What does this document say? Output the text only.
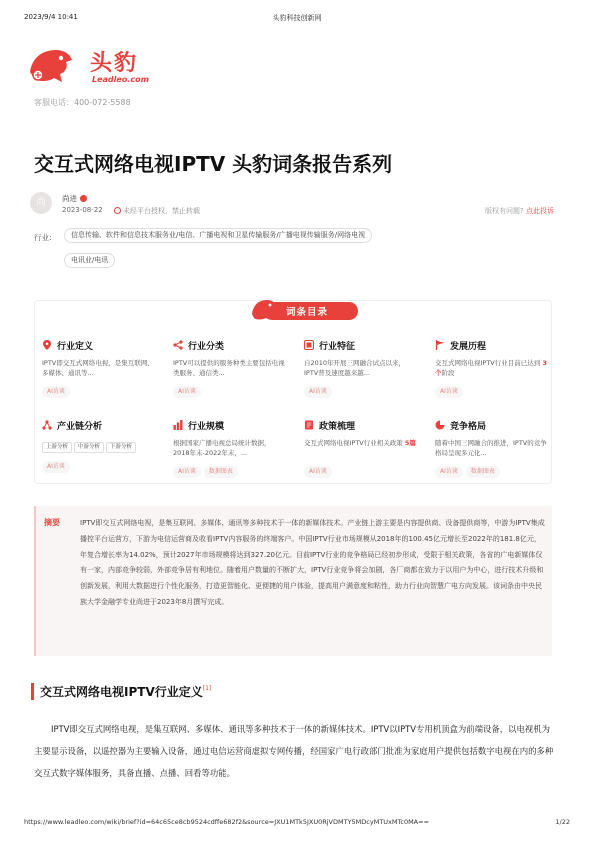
2023/9/4 10:41	头豹科技创新网
头豹
Leadleo.com
客服电话：400-072-5588
交互式网络电视IPTV 头豹词条报告系列
尚	尚进
2023-08-22	未经平台授权，禁止转载	版权有问题? 点此投诉
行业:	信息传输、软件和信息技术服务业/电信、广播电视和卫星传输服务/广播电视传输服务/网络电视
电讯业/电讯
词条目录
行业定义
IPTV即交互式网络电视，是集互联网、多媒体、通讯等...
AI访谈
行业分类
IPTV可以提供的服务种类主要包括电视类服务、通信类...
AI访谈
行业特征
自2010年开展三网融合试点以来，IPTV普及速度越来越...
AI访谈
发展历程
交互式网络电视IPTV行业目前已达到 3个阶段
AI访谈
产业链分析
上游分析 中游分析 下游分析
AI访谈
行业规模
根据国家广播电视总局统计数据，2018年末-2022年末，...
AI访谈 数据图表
政策梳理
交互式网络电视IPTV行业相关政策 5篇
AI访谈
竞争格局
随着中国三网融合的推进，IPTV的竞争格局呈现多元化...
AI访谈 数据图表
摘要	IPTV即交互式网络电视，是集互联网、多媒体、通讯等多种技术于一体的新媒体技术。产业链上游主要是内容提供商、设备提供商等，中游为IPTV集成播控平台运营方，下游为电信运营商及收看IPTV内容服务的终端客户。中国IPTV行业市场规模从2018年的100.45亿元增长至2022年的181.8亿元，年复合增长率为14.02%，预计2027年市场规模将达到327.20亿元。目前IPTV行业的竞争格局已经初步形成，受限于相关政策，各省的广电新媒体仅有一家，内部竞争较弱，外部竞争居有利地位。随着用户数量的不断扩大，IPTV行业竞争将会加剧，各厂商都在致力于以用户为中心，进行技术升级和创新发展，利用大数据进行个性化服务，打造更智能化、更便捷的用户体验，提高用户满意度和粘性，助力行业向智慧广电方向发展。该词条由中央民族大学金融学专业尚进于2023年8月撰写完成。

交互式网络电视IPTV行业定义[1]

IPTV即交互式网络电视，是集互联网、多媒体、通讯等多种技术于一体的新媒体技术。IPTV以IPTV专用机顶盒为前端设备，以电视机为主要显示设备，以遥控器为主要输入设备，通过电信运营商虚拟专网传播，经国家广电行政部门批准为家庭用户提供包括数字电视在内的多种交互式数字媒体服务，具备直播、点播、回看等功能。

https://www.leadleo.com/wiki/brief?id=64c65ce8cb9524cdffe682f2&source=JXU1MTk5JXU0RjVDMTY5MDcyMTUxMTc0MA==	1/22
